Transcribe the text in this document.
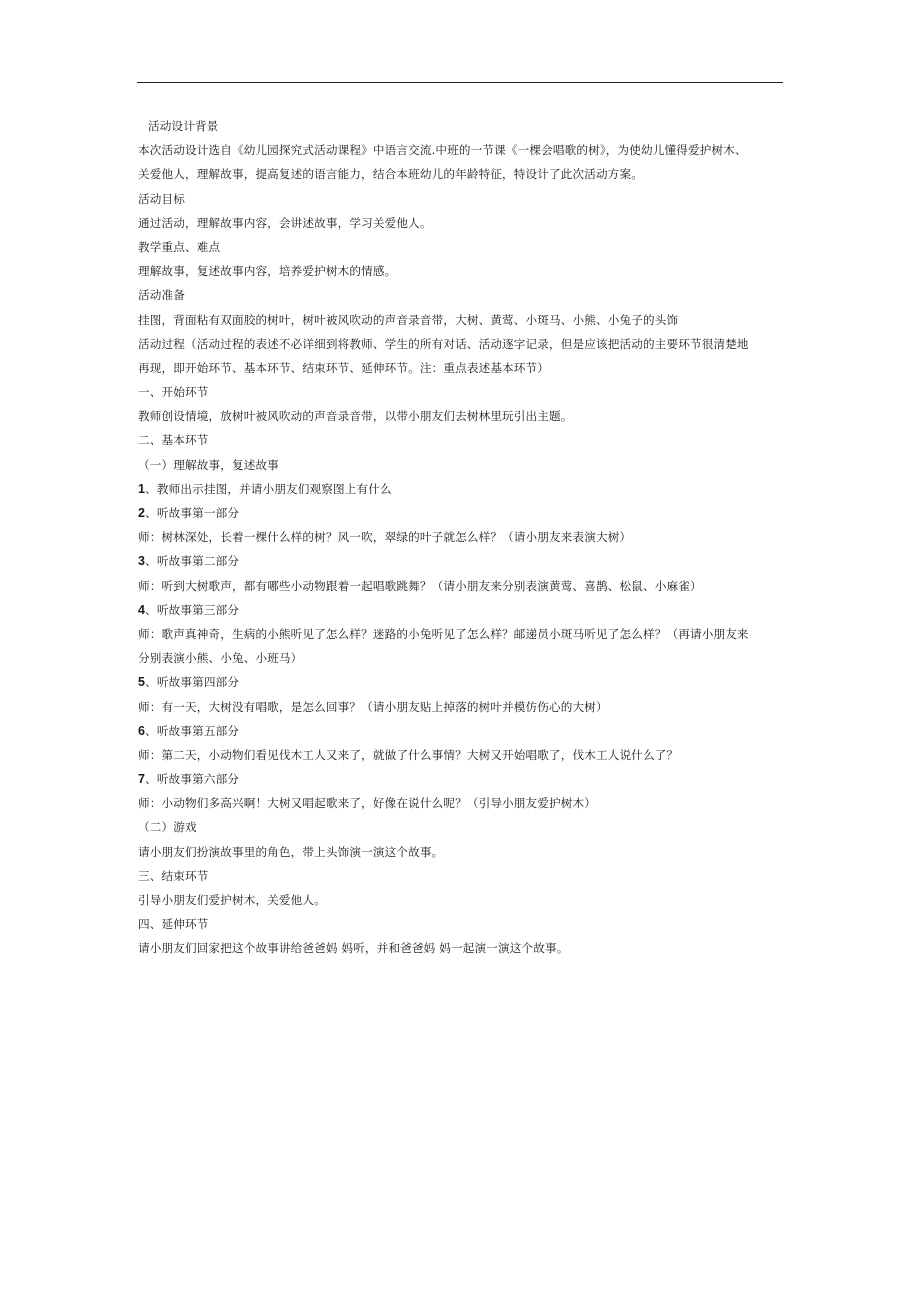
活动设计背景
本次活动设计选自《幼儿园探究式活动课程》中语言交流.中班的一节课《一棵会唱歌的树》，为使幼儿懂得爱护树木、
关爱他人，理解故事，提高复述的语言能力，结合本班幼儿的年龄特征，特设计了此次活动方案。
活动目标
通过活动，理解故事内容，会讲述故事，学习关爱他人。
教学重点、难点
理解故事，复述故事内容，培养爱护树木的情感。
活动准备
挂图，背面粘有双面胶的树叶，树叶被风吹动的声音录音带，大树、黄莺、小斑马、小熊、小兔子的头饰
活动过程（活动过程的表述不必详细到将教师、学生的所有对话、活动逐字记录，但是应该把活动的主要环节很清楚地
再现，即开始环节、基本环节、结束环节、延伸环节。注：重点表述基本环节）
一、开始环节
教师创设情境，放树叶被风吹动的声音录音带，以带小朋友们去树林里玩引出主题。
二、基本环节
（一）理解故事，复述故事
1、教师出示挂图，并请小朋友们观察图上有什么
2、听故事第一部分
师：树林深处，长着一棵什么样的树？风一吹，翠绿的叶子就怎么样？（请小朋友来表演大树）
3、听故事第二部分
师：听到大树歌声，都有哪些小动物跟着一起唱歌跳舞？（请小朋友来分别表演黄莺、喜鹊、松鼠、小麻雀）
4、听故事第三部分
师：歌声真神奇，生病的小熊听见了怎么样？迷路的小兔听见了怎么样？邮递员小斑马听见了怎么样？（再请小朋友来
分别表演小熊、小兔、小班马）
5、听故事第四部分
师：有一天，大树没有唱歌，是怎么回事？（请小朋友贴上掉落的树叶并模仿伤心的大树）
6、听故事第五部分
师：第二天，小动物们看见伐木工人又来了，就做了什么事情？大树又开始唱歌了，伐木工人说什么了？
7、听故事第六部分
师：小动物们多高兴啊！大树又唱起歌来了，好像在说什么呢？（引导小朋友爱护树木）
（二）游戏
请小朋友们扮演故事里的角色，带上头饰演一演这个故事。
三、结束环节
引导小朋友们爱护树木，关爱他人。
四、延伸环节
请小朋友们回家把这个故事讲给爸爸妈 妈听，并和爸爸妈 妈一起演一演这个故事。
